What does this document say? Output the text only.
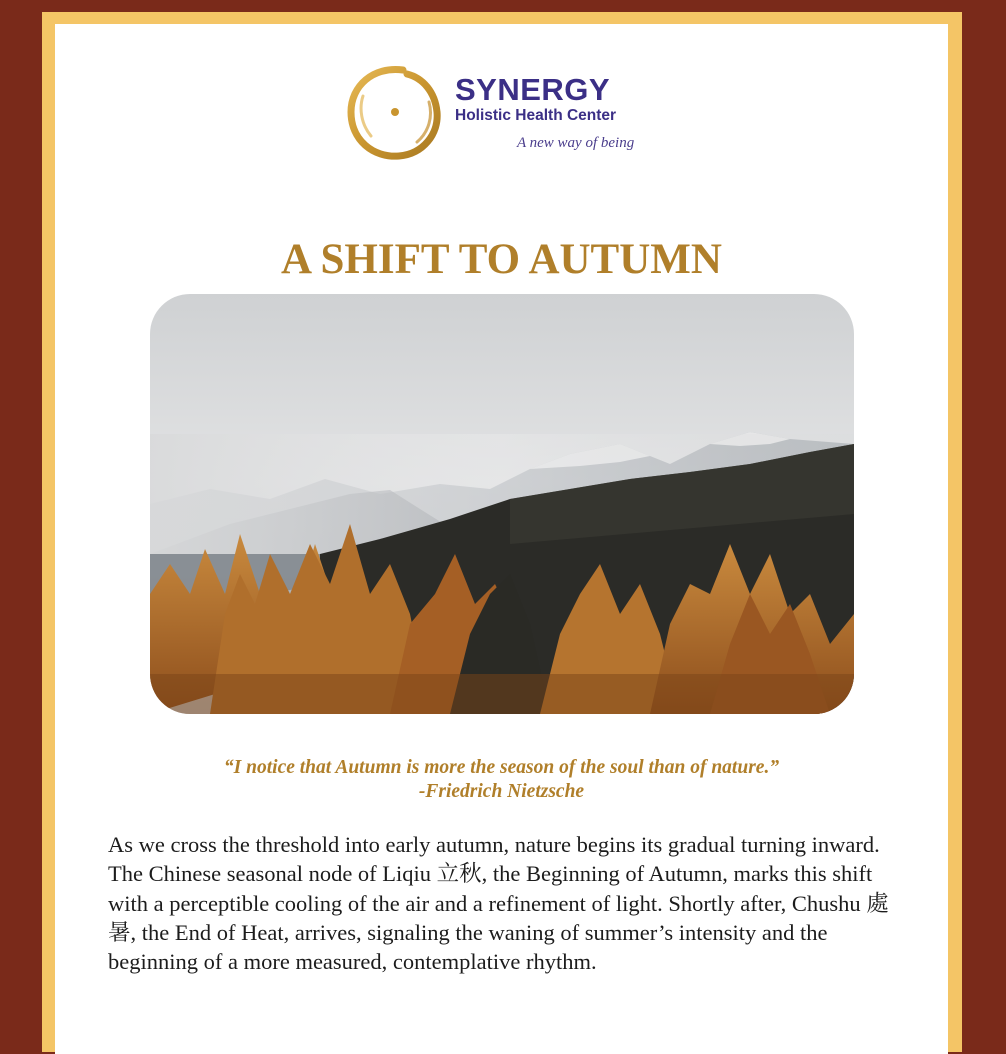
SYNERGY
Holistic Health Center
A new way of being
A SHIFT TO AUTUMN

“I notice that Autumn is more the season of the soul than of nature.”

-Friedrich Nietzsche

As we cross the threshold into early autumn, nature begins its gradual turning inward. The Chinese seasonal node of Liqiu 立秋, the Beginning of Autumn, marks this shift with a perceptible cooling of the air and a refinement of light. Shortly after, Chushu 處暑, the End of Heat, arrives, signaling the waning of summer’s intensity and the beginning of a more measured, contemplative rhythm.
